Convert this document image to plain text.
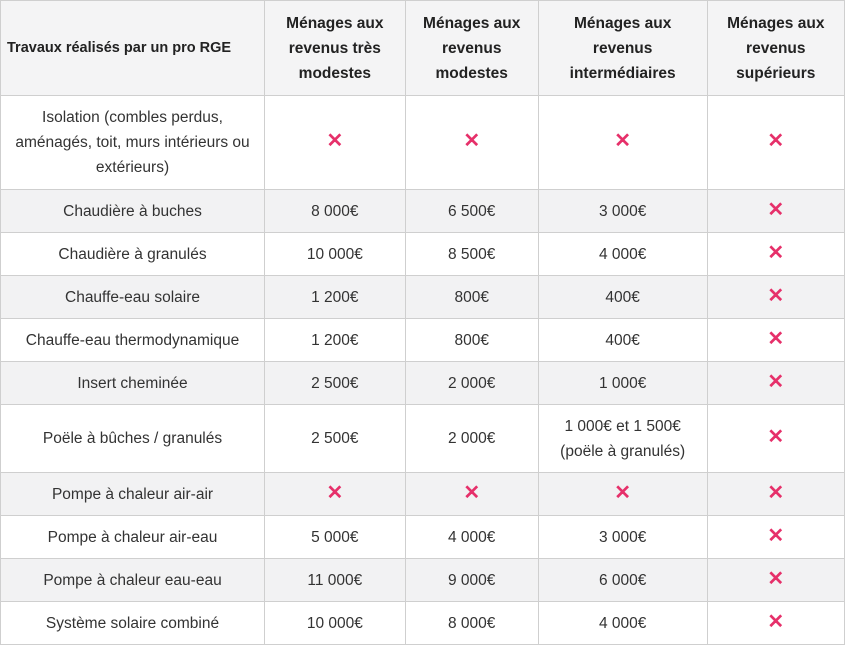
Travaux réalisés par un pro RGE	Ménages aux revenus très modestes	Ménages aux revenus modestes	Ménages aux revenus intermédiaires	Ménages aux revenus supérieurs
Isolation (combles perdus, aménagés, toit, murs intérieurs ou extérieurs)	✕	✕	✕	✕
Chaudière à buches	8 000€	6 500€	3 000€	✕
Chaudière à granulés	10 000€	8 500€	4 000€	✕
Chauffe-eau solaire	1 200€	800€	400€	✕
Chauffe-eau thermodynamique	1 200€	800€	400€	✕
Insert cheminée	2 500€	2 000€	1 000€	✕
Poële à bûches / granulés	2 500€	2 000€	1 000€ et 1 500€ (poële à granulés)	✕
Pompe à chaleur air-air	✕	✕	✕	✕
Pompe à chaleur air-eau	5 000€	4 000€	3 000€	✕
Pompe à chaleur eau-eau	11 000€	9 000€	6 000€	✕
Système solaire combiné	10 000€	8 000€	4 000€	✕
